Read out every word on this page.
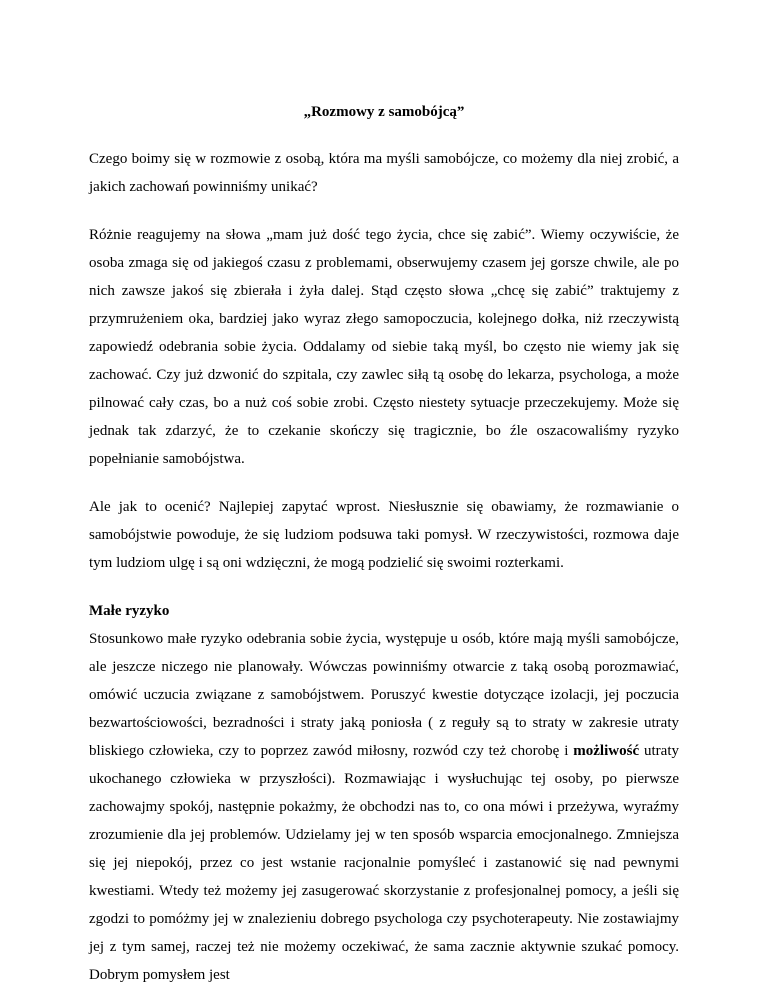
„Rozmowy z samobójcą”

Czego boimy się w rozmowie z osobą, która ma myśli samobójcze, co możemy dla niej zrobić, a jakich zachowań powinniśmy unikać?

Różnie reagujemy na słowa „mam już dość tego życia, chce się zabić”. Wiemy oczywiście, że osoba zmaga się od jakiegoś czasu z problemami, obserwujemy czasem jej gorsze chwile, ale po nich zawsze jakoś się zbierała i żyła dalej. Stąd często słowa „chcę się zabić” traktujemy z przymrużeniem oka, bardziej jako wyraz złego samopoczucia, kolejnego dołka, niż rzeczywistą zapowiedź odebrania sobie życia. Oddalamy od siebie taką myśl, bo często nie wiemy jak się zachować. Czy już dzwonić do szpitala, czy zawlec siłą tą osobę do lekarza, psychologa, a może pilnować cały czas, bo a nuż coś sobie zrobi. Często niestety sytuacje przeczekujemy. Może się jednak tak zdarzyć, że to czekanie skończy się tragicznie, bo źle oszacowaliśmy ryzyko popełnianie samobójstwa.

Ale jak to ocenić? Najlepiej zapytać wprost. Niesłusznie się obawiamy, że rozmawianie o samobójstwie powoduje, że się ludziom podsuwa taki pomysł. W rzeczywistości, rozmowa daje tym ludziom ulgę i są oni wdzięczni, że mogą podzielić się swoimi rozterkami.

Małe ryzyko

Stosunkowo małe ryzyko odebrania sobie życia, występuje u osób, które mają myśli samobójcze, ale jeszcze niczego nie planowały. Wówczas powinniśmy otwarcie z taką osobą porozmawiać, omówić uczucia związane z samobójstwem. Poruszyć kwestie dotyczące izolacji, jej poczucia bezwartościowości, bezradności i straty jaką poniosła ( z reguły są to straty w zakresie utraty bliskiego człowieka, czy to poprzez zawód miłosny, rozwód czy też chorobę i możliwość utraty ukochanego człowieka w przyszłości). Rozmawiając i wysłuchując tej osoby, po pierwsze zachowajmy spokój, następnie pokażmy, że obchodzi nas to, co ona mówi i przeżywa, wyraźmy zrozumienie dla jej problemów. Udzielamy jej w ten sposób wsparcia emocjonalnego. Zmniejsza się jej niepokój, przez co jest wstanie racjonalnie pomyśleć i zastanowić się nad pewnymi kwestiami. Wtedy też możemy jej zasugerować skorzystanie z profesjonalnej pomocy, a jeśli się zgodzi to pomóżmy jej w znalezieniu dobrego psychologa czy psychoterapeuty. Nie zostawiajmy jej z tym samej, raczej też nie możemy oczekiwać, że sama zacznie aktywnie szukać pomocy. Dobrym pomysłem jest
